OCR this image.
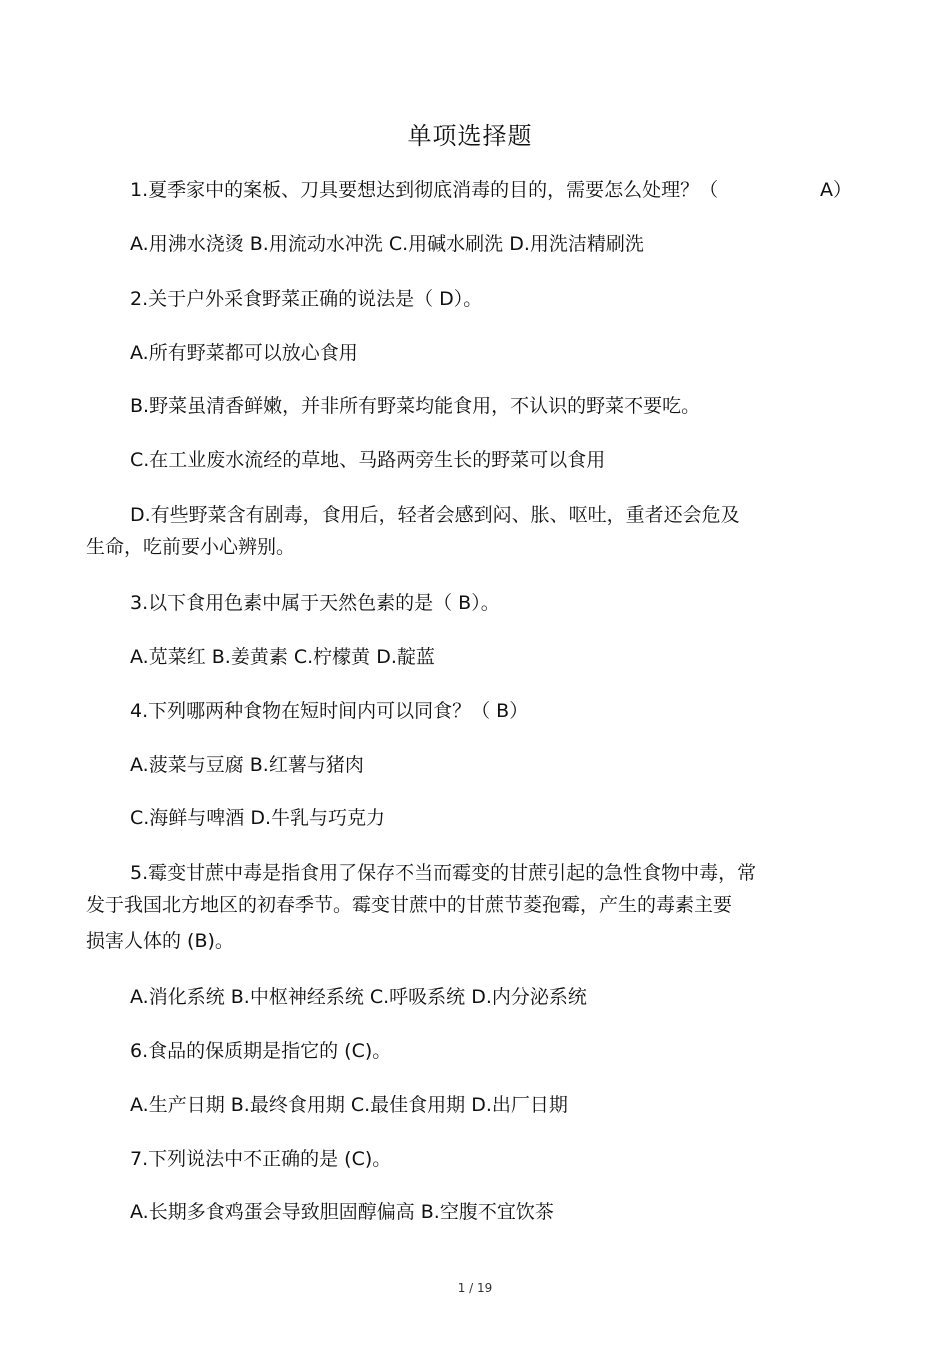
单项选择题
1.夏季家中的案板、刀具要想达到彻底消毒的目的，需要怎么处理？（	A）
A.用沸水浇烫 B.用流动水冲洗 C.用碱水刷洗 D.用洗洁精刷洗
2.关于户外采食野菜正确的说法是（ D）。
A.所有野菜都可以放心食用
B.野菜虽清香鲜嫩，并非所有野菜均能食用，不认识的野菜不要吃。
C.在工业废水流经的草地、马路两旁生长的野菜可以食用
D.有些野菜含有剧毒，食用后，轻者会感到闷、胀、呕吐，重者还会危及
生命，吃前要小心辨别。
3.以下食用色素中属于天然色素的是（ B）。
A.苋菜红 B.姜黄素 C.柠檬黄 D.靛蓝
4.下列哪两种食物在短时间内可以同食？（ B）
A.菠菜与豆腐 B.红薯与猪肉
C.海鲜与啤酒 D.牛乳与巧克力
5.霉变甘蔗中毒是指食用了保存不当而霉变的甘蔗引起的急性食物中毒，常
发于我国北方地区的初春季节。霉变甘蔗中的甘蔗节菱孢霉，产生的毒素主要
损害人体的 (B)。
A.消化系统 B.中枢神经系统 C.呼吸系统 D.内分泌系统
6.食品的保质期是指它的 (C)。
A.生产日期 B.最终食用期 C.最佳食用期 D.出厂日期
7.下列说法中不正确的是 (C)。
A.长期多食鸡蛋会导致胆固醇偏高 B.空腹不宜饮茶
1 / 19
